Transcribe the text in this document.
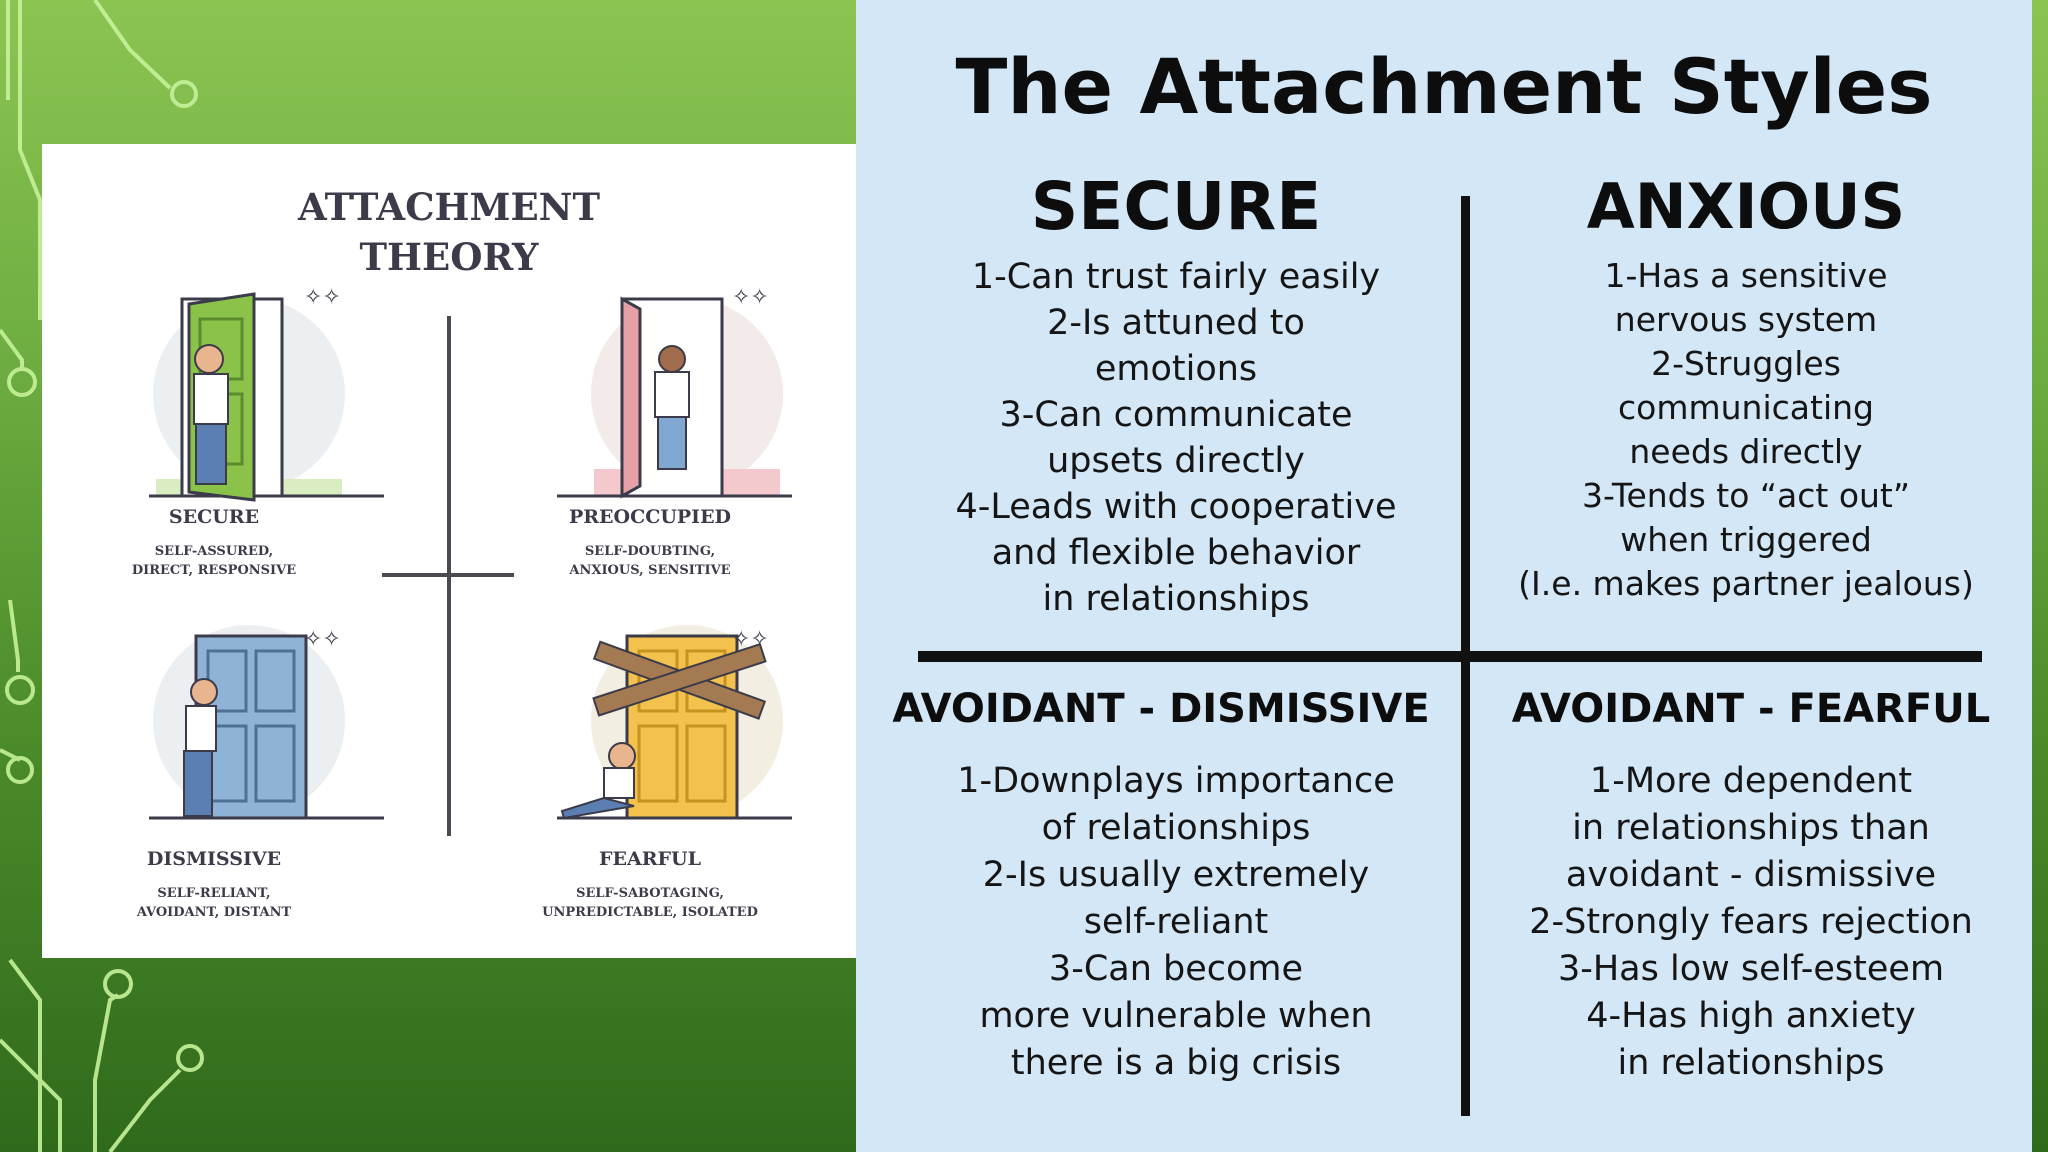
ATTACHMENT
THEORY
✧✧
SECURE
SELF-ASSURED,
DIRECT, RESPONSIVE
✧✧
PREOCCUPIED
SELF-DOUBTING,
ANXIOUS, SENSITIVE
✧✧
DISMISSIVE
SELF-RELIANT,
AVOIDANT, DISTANT
✧✧
FEARFUL
SELF-SABOTAGING,
UNPREDICTABLE, ISOLATED
The Attachment Styles
SECURE
1-Can trust fairly easily
2-Is attuned to
emotions
3-Can communicate
upsets directly
4-Leads with cooperative
and flexible behavior
in relationships
ANXIOUS
1-Has a sensitive
nervous system
2-Struggles
communicating
needs directly
3-Tends to “act out”
when triggered
(I.e. makes partner jealous)
AVOIDANT - DISMISSIVE
1-Downplays importance
of relationships
2-Is usually extremely
self-reliant
3-Can become
more vulnerable when
there is a big crisis
AVOIDANT - FEARFUL
1-More dependent
in relationships than
avoidant - dismissive
2-Strongly fears rejection
3-Has low self-esteem
4-Has high anxiety
in relationships
